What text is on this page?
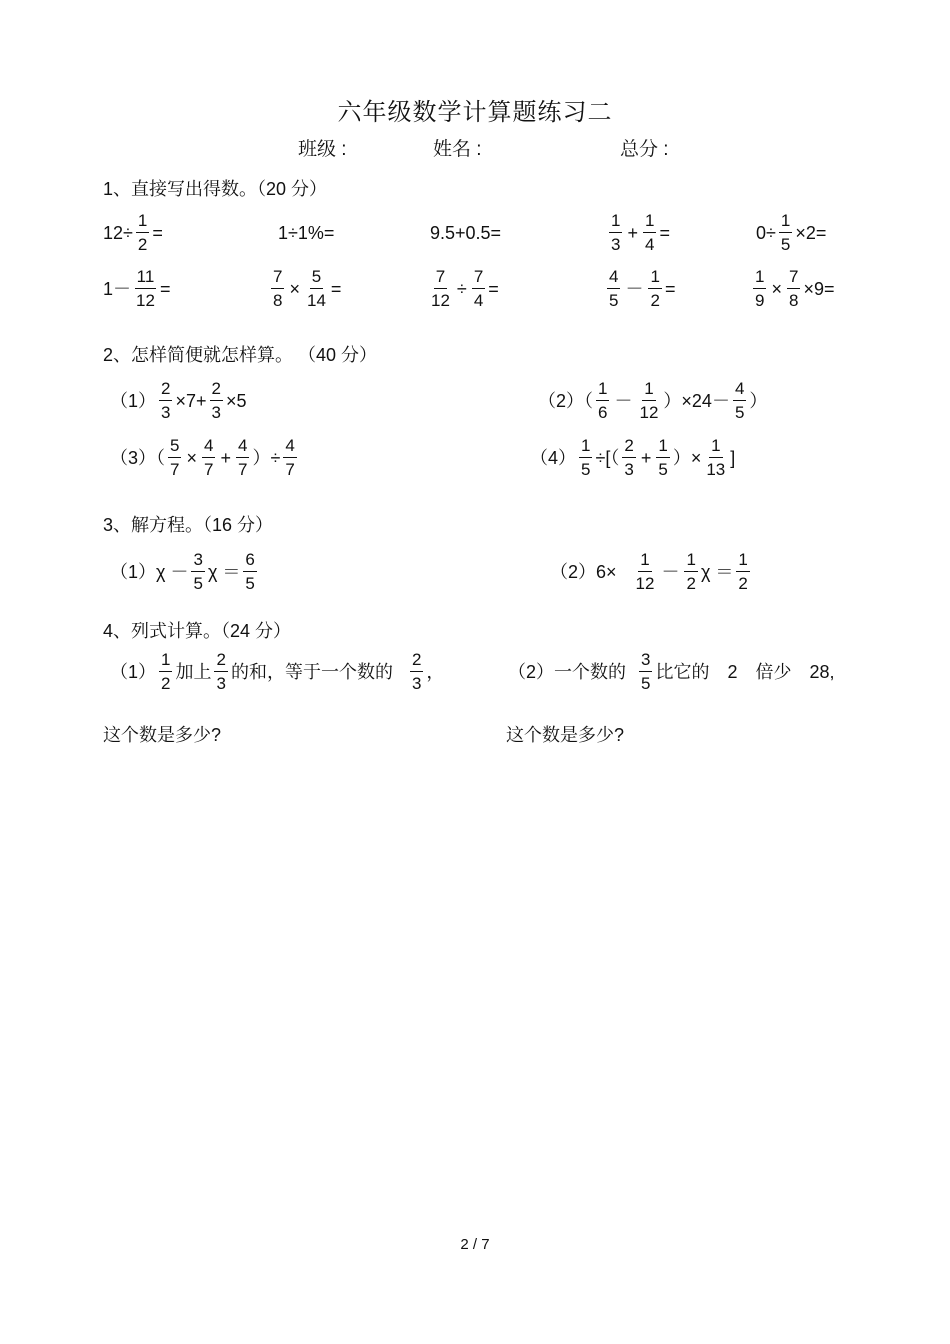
六年级数学计算题练习二
班级 :	姓名 :	总分 :
1、直接写出得数。（20 分）
$12\div \frac{1}{2}$ =	1÷1%=	9.5+0.5=	$\frac{1}{3} + \frac{1}{4}$ =	$0\div \frac{1}{5} \times 2=$
$1- \frac{11}{12}$ =	$\frac{7}{8} \times \frac{5}{14}$ =	$\frac{7}{12} \div \frac{7}{4}$ =	$\frac{4}{5} - \frac{1}{2}$ =	$\frac{1}{9} \times \frac{7}{8} \times 9=$
2、怎样简便就怎样算。 （40 分）
$(1) \frac{2}{3} \times 7+ \frac{2}{3} \times 5$	$(2)( \frac{1}{6} - \frac{1}{12} )\times 24- \frac{4}{5}$ ）
$(3)( \frac{5}{7} \times \frac{4}{7} + \frac{4}{7}$ ）÷ $\frac{4}{7}$	$(4) \frac{1}{5}$ ÷[（ $\frac{2}{3} + \frac{1}{5}$ ）× $\frac{1}{13}$ ]
3、解方程。（16 分）
$(1)\chi - \frac{3}{5}$ $\chi = \frac{6}{5}$	$(2)6\times \frac{1}{12} - \frac{1}{2}$ $\chi = \frac{1}{2}$
4、列式计算。（24 分）
$(1) \frac{1}{2}$ 加上 $\frac{2}{3}$ 的和，等于一个数的 $\frac{2}{3}$ ，	（2）一个数的 $\frac{3}{5}$ 比它的　2　倍少　28,
这个数是多少?	这个数是多少?
2 / 7
